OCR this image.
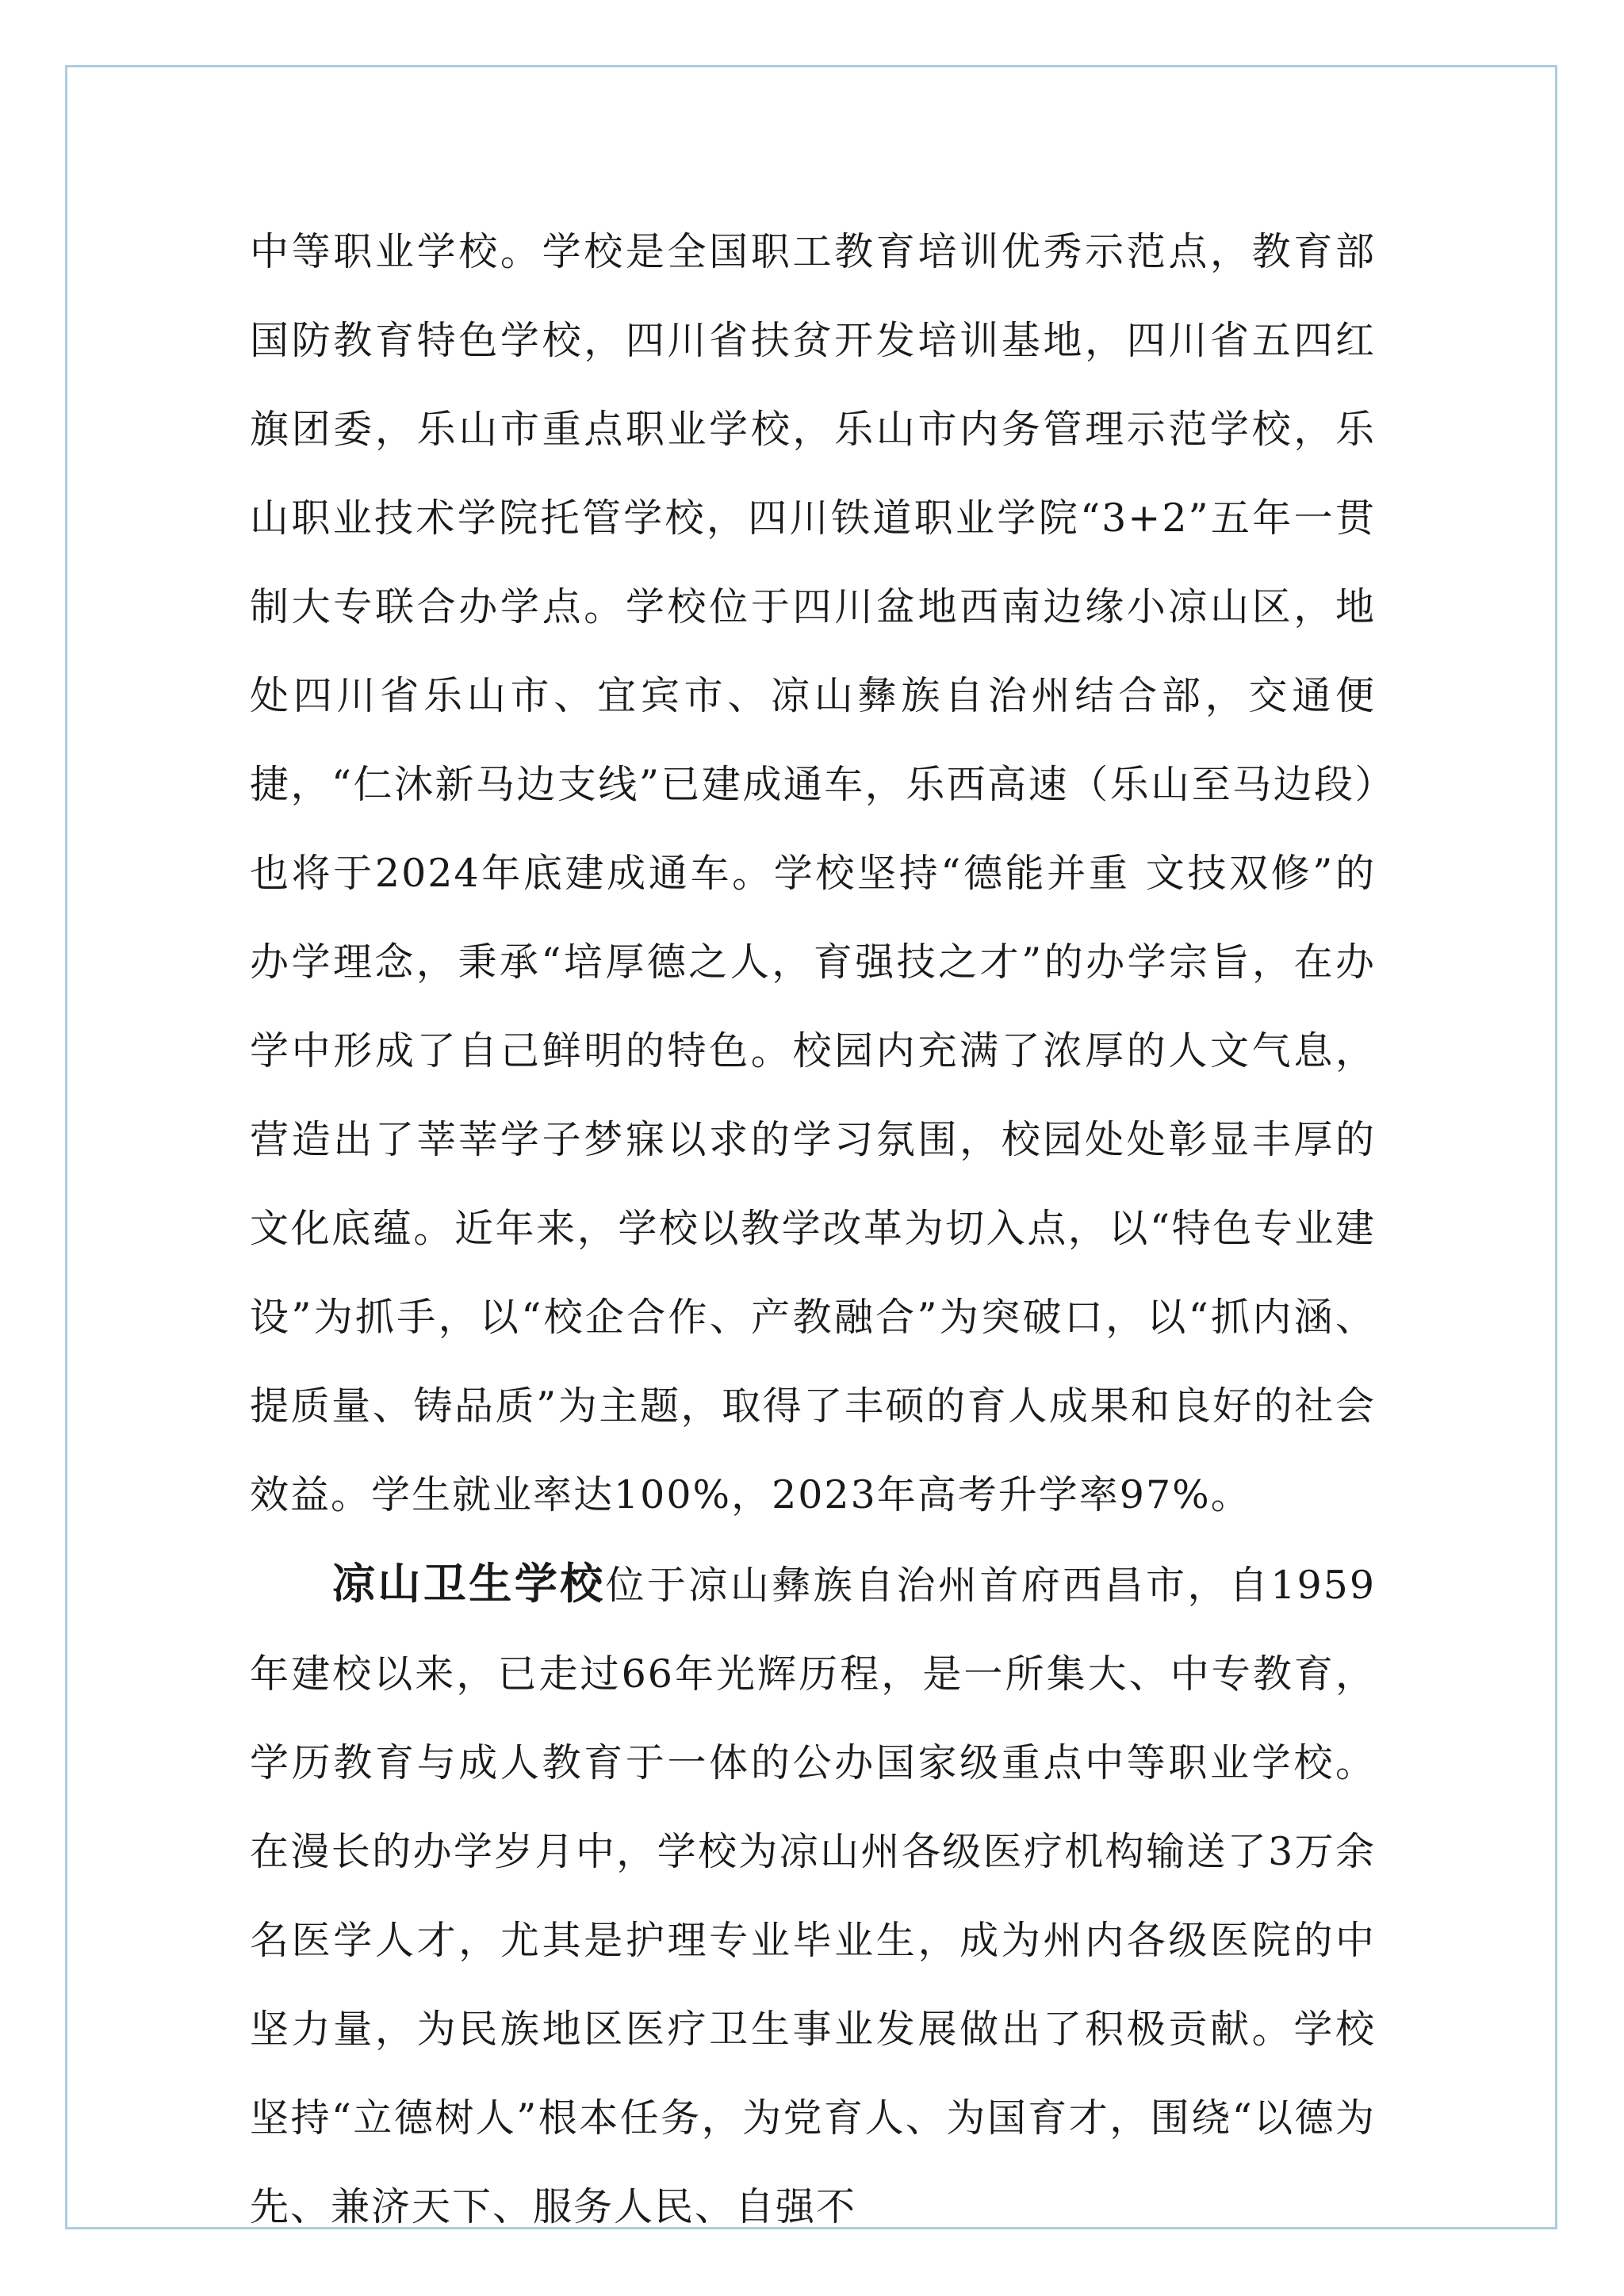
中等职业学校。学校是全国职工教育培训优秀示范点，教育部国防教育特色学校，四川省扶贫开发培训基地，四川省五四红旗团委，乐山市重点职业学校，乐山市内务管理示范学校，乐山职业技术学院托管学校，四川铁道职业学院“3+2”五年一贯制大专联合办学点。学校位于四川盆地西南边缘小凉山区，地处四川省乐山市、宜宾市、凉山彝族自治州结合部，交通便捷，“仁沐新马边支线”已建成通车，乐西高速（乐山至马边段）也将于2024年底建成通车。学校坚持“德能并重 文技双修”的办学理念，秉承“培厚德之人，育强技之才”的办学宗旨，在办学中形成了自己鲜明的特色。校园内充满了浓厚的人文气息，营造出了莘莘学子梦寐以求的学习氛围，校园处处彰显丰厚的文化底蕴。近年来，学校以教学改革为切入点，以“特色专业建设”为抓手，以“校企合作、产教融合”为突破口，以“抓内涵、提质量、铸品质”为主题，取得了丰硕的育人成果和良好的社会效益。学生就业率达100%，2023年高考升学率97%。

凉山卫生学校位于凉山彝族自治州首府西昌市，自1959年建校以来，已走过66年光辉历程，是一所集大、中专教育，学历教育与成人教育于一体的公办国家级重点中等职业学校。在漫长的办学岁月中，学校为凉山州各级医疗机构输送了3万余名医学人才，尤其是护理专业毕业生，成为州内各级医院的中坚力量，为民族地区医疗卫生事业发展做出了积极贡献。学校坚持“立德树人”根本任务，为党育人、为国育才，围绕“以德为先、兼济天下、服务人民、自强不
